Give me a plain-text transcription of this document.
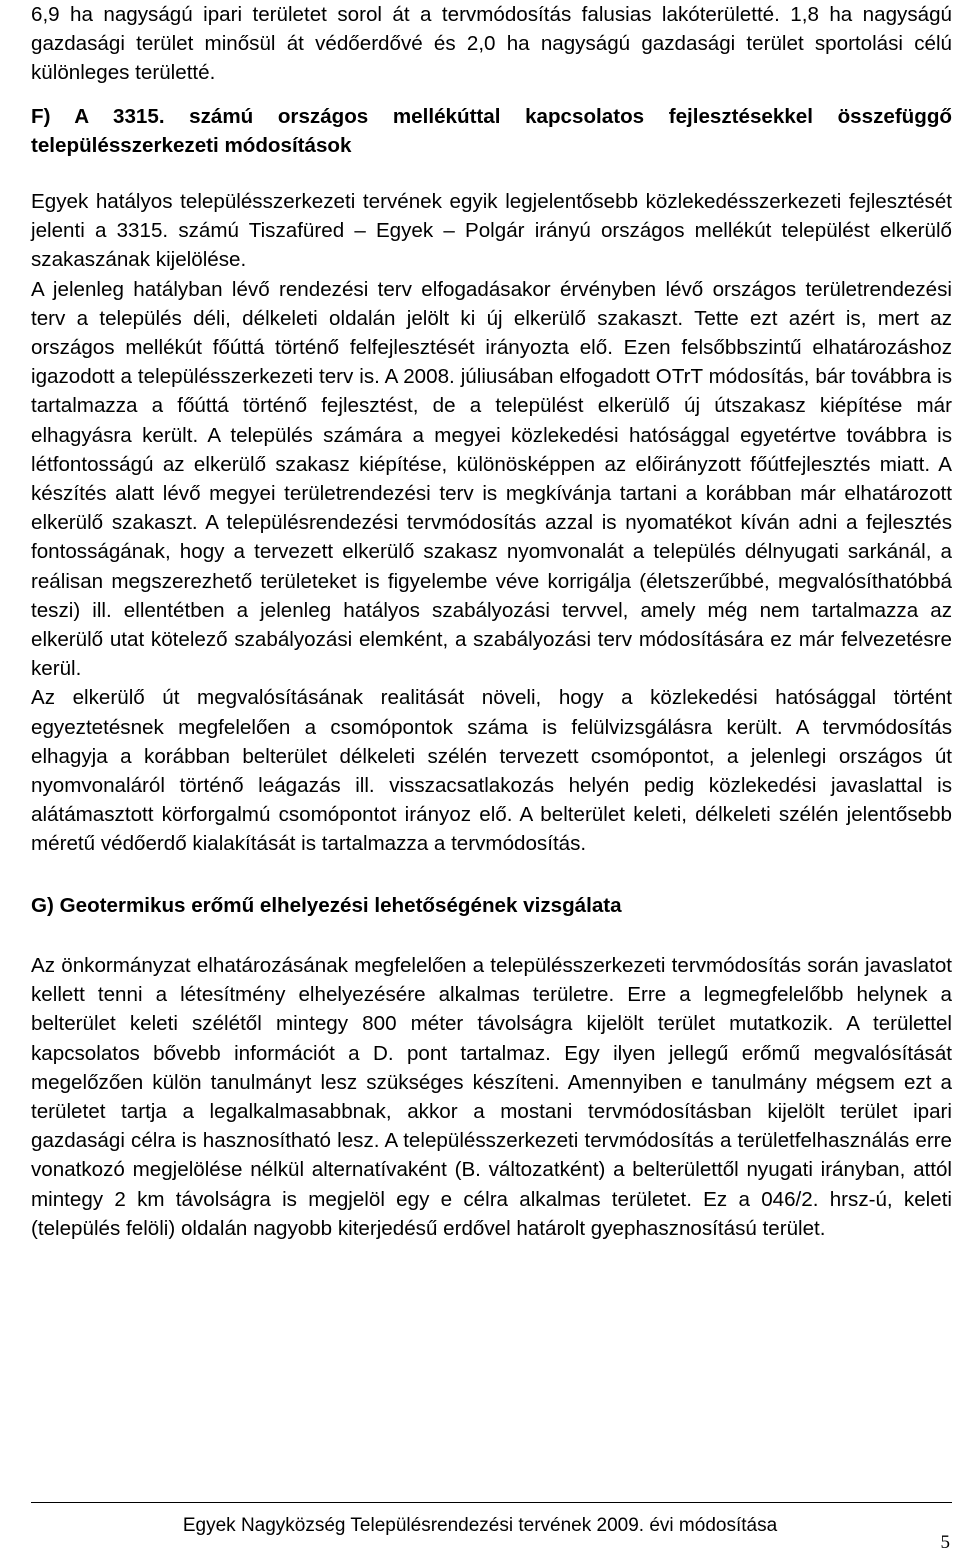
6,9 ha nagyságú ipari területet sorol át a tervmódosítás falusias lakóterületté. 1,8 ha nagyságú gazdasági terület minősül át védőerdővé és 2,0 ha nagyságú gazdasági terület sportolási célú különleges területté.

F) A 3315. számú országos mellékúttal kapcsolatos fejlesztésekkel összefüggő településszerkezeti módosítások

Egyek hatályos településszerkezeti tervének egyik legjelentősebb közlekedésszerkezeti fejlesztését jelenti a 3315. számú Tiszafüred – Egyek – Polgár irányú országos mellékút települést elkerülő szakaszának kijelölése.

A jelenleg hatályban lévő rendezési terv elfogadásakor érvényben lévő országos területrendezési terv a település déli, délkeleti oldalán jelölt ki új elkerülő szakaszt. Tette ezt azért is, mert az országos mellékút főúttá történő felfejlesztését irányozta elő. Ezen felsőbbszintű elhatározáshoz igazodott a településszerkezeti terv is. A 2008. júliusában elfogadott OTrT módosítás, bár továbbra is tartalmazza a főúttá történő fejlesztést, de a települést elkerülő új útszakasz kiépítése már elhagyásra került. A település számára a megyei közlekedési hatósággal egyetértve továbbra is létfontosságú az elkerülő szakasz kiépítése, különösképpen az előirányzott főútfejlesztés miatt. A készítés alatt lévő megyei területrendezési terv is megkívánja tartani a korábban már elhatározott elkerülő szakaszt. A településrendezési tervmódosítás azzal is nyomatékot kíván adni a fejlesztés fontosságának, hogy a tervezett elkerülő szakasz nyomvonalát a település délnyugati sarkánál, a reálisan megszerezhető területeket is figyelembe véve korrigálja (életszerűbbé, megvalósíthatóbbá teszi) ill. ellentétben a jelenleg hatályos szabályozási tervvel, amely még nem tartalmazza az elkerülő utat kötelező szabályozási elemként, a szabályozási terv módosítására ez már felvezetésre kerül.

Az elkerülő út megvalósításának realitását növeli, hogy a közlekedési hatósággal történt egyeztetésnek megfelelően a csomópontok száma is felülvizsgálásra került. A tervmódosítás elhagyja a korábban belterület délkeleti szélén tervezett csomópontot, a jelenlegi országos út nyomvonaláról történő leágazás ill. visszacsatlakozás helyén pedig közlekedési javaslattal is alátámasztott körforgalmú csomópontot irányoz elő. A belterület keleti, délkeleti szélén jelentősebb méretű védőerdő kialakítását is tartalmazza a tervmódosítás.

G) Geotermikus erőmű elhelyezési lehetőségének vizsgálata

Az önkormányzat elhatározásának megfelelően a településszerkezeti tervmódosítás során javaslatot kellett tenni a létesítmény elhelyezésére alkalmas területre. Erre a legmegfelelőbb helynek a belterület keleti szélétől mintegy 800 méter távolságra kijelölt terület mutatkozik. A területtel kapcsolatos bővebb információt a D. pont tartalmaz. Egy ilyen jellegű erőmű megvalósítását megelőzően külön tanulmányt lesz szükséges készíteni. Amennyiben e tanulmány mégsem ezt a területet tartja a legalkalmasabbnak, akkor a mostani tervmódosításban kijelölt terület ipari gazdasági célra is hasznosítható lesz. A településszerkezeti tervmódosítás a területfelhasználás erre vonatkozó megjelölése nélkül alternatívaként (B. változatként) a belterülettől nyugati irányban, attól mintegy 2 km távolságra is megjelöl egy e célra alkalmas területet. Ez a 046/2. hrsz-ú, keleti (település felöli) oldalán nagyobb kiterjedésű erdővel határolt gyephasznosítású terület.

Egyek Nagyközség Településrendezési tervének 2009. évi módosítása
5
